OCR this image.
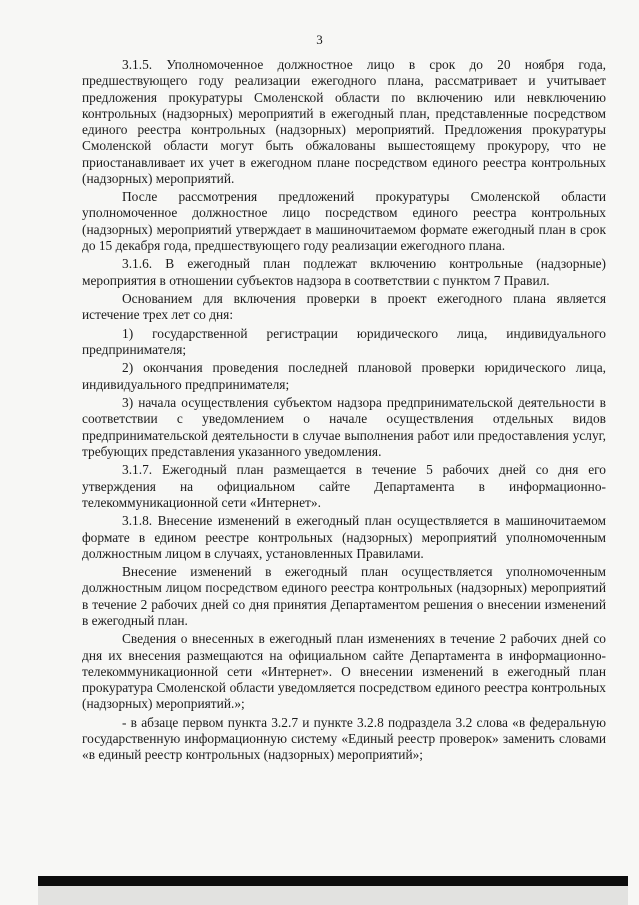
3

3.1.5. Уполномоченное должностное лицо в срок до 20 ноября года, предшествующего году реализации ежегодного плана, рассматривает и учитывает предложения прокуратуры Смоленской области по включению или невключению контрольных (надзорных) мероприятий в ежегодный план, представленные посредством единого реестра контрольных (надзорных) мероприятий. Предложения прокуратуры Смоленской области могут быть обжалованы вышестоящему прокурору, что не приостанавливает их учет в ежегодном плане посредством единого реестра контрольных (надзорных) мероприятий.

После рассмотрения предложений прокуратуры Смоленской области уполномоченное должностное лицо посредством единого реестра контрольных (надзорных) мероприятий утверждает в машиночитаемом формате ежегодный план в срок до 15 декабря года, предшествующего году реализации ежегодного плана.

3.1.6. В ежегодный план подлежат включению контрольные (надзорные) мероприятия в отношении субъектов надзора в соответствии с пунктом 7 Правил.

Основанием для включения проверки в проект ежегодного плана является истечение трех лет со дня:

1) государственной регистрации юридического лица, индивидуального предпринимателя;

2) окончания проведения последней плановой проверки юридического лица, индивидуального предпринимателя;

3) начала осуществления субъектом надзора предпринимательской деятельности в соответствии с уведомлением о начале осуществления отдельных видов предпринимательской деятельности в случае выполнения работ или предоставления услуг, требующих представления указанного уведомления.

3.1.7. Ежегодный план размещается в течение 5 рабочих дней со дня его утверждения на официальном сайте Департамента в информационно-телекоммуникационной сети «Интернет».

3.1.8. Внесение изменений в ежегодный план осуществляется в машиночитаемом формате в едином реестре контрольных (надзорных) мероприятий уполномоченным должностным лицом в случаях, установленных Правилами.

Внесение изменений в ежегодный план осуществляется уполномоченным должностным лицом посредством единого реестра контрольных (надзорных) мероприятий в течение 2 рабочих дней со дня принятия Департаментом решения о внесении изменений в ежегодный план.

Сведения о внесенных в ежегодный план изменениях в течение 2 рабочих дней со дня их внесения размещаются на официальном сайте Департамента в информационно-телекоммуникационной сети «Интернет». О внесении изменений в ежегодный план прокуратура Смоленской области уведомляется посредством единого реестра контрольных (надзорных) мероприятий.»;

- в абзаце первом пункта 3.2.7 и пункте 3.2.8 подраздела 3.2 слова «в федеральную государственную информационную систему «Единый реестр проверок» заменить словами «в единый реестр контрольных (надзорных) мероприятий»;
